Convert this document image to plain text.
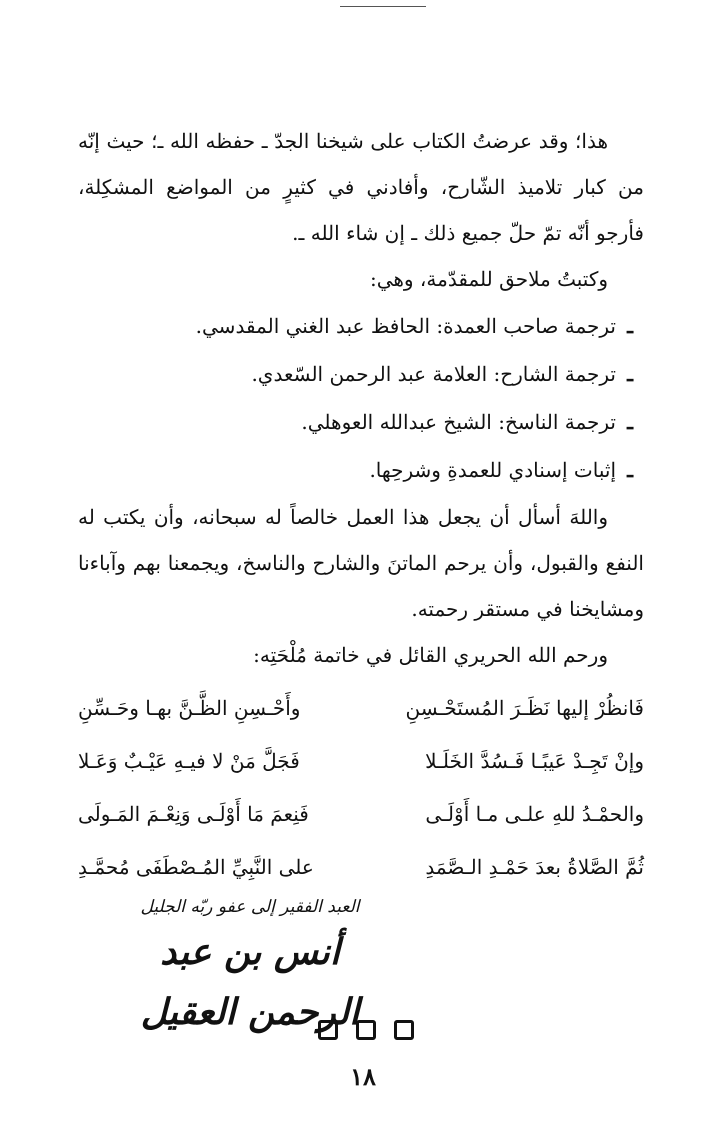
هذا؛ وقد عرضتُ الكتاب على شيخنا الجدّ ـ حفظه الله ـ؛ حيث إنّه من كبار تلاميذ الشّارح، وأفادني في كثيرٍ من المواضع المشكِلة، فأرجو أنّه تمّ حلّ جميع ذلك ـ إن شاء الله ـ.

وكتبتُ ملاحق للمقدّمة، وهي:

ـترجمة صاحب العمدة: الحافظ عبد الغني المقدسي.
ـترجمة الشارح: العلامة عبد الرحمن السّعدي.
ـترجمة الناسخ: الشيخ عبدالله العوهلي.
ـإثبات إسنادي للعمدةِ وشرحِها.

واللهَ أسأل أن يجعل هذا العمل خالصاً له سبحانه، وأن يكتب له النفع والقبول، وأن يرحم الماتنَ والشارح والناسخ، ويجمعنا بهم وآباءنا ومشايخنا في مستقر رحمته.

ورحم الله الحريري القائل في خاتمة مُلْحَتِه:

فَانظُرْ إليها نَظَـرَ المُستَحْـسِنِ
وأَحْـسِنِ الظَّـنَّ بهـا وحَـسِّنِ
وإنْ تَجِـدْ عَيبًـا فَـسُدَّ الخَلَـلا
فَجَلَّ مَنْ لا فيـهِ عَيْـبٌ وَعَـلا
والحمْـدُ للهِ علـى مـا أَوْلَـى
فَنِعمَ مَا أَوْلَـى وَنِعْـمَ المَـولَى
ثُمَّ الصَّلاةُ بعدَ حَمْـدِ الـصَّمَدِ
على النَّبِيِّ المُـصْطَفَى مُحمَّـدِ
العبد الفقير إلى عفو ربّه الجليل
أنس بن عبد الرحمن العقيل
١٨
